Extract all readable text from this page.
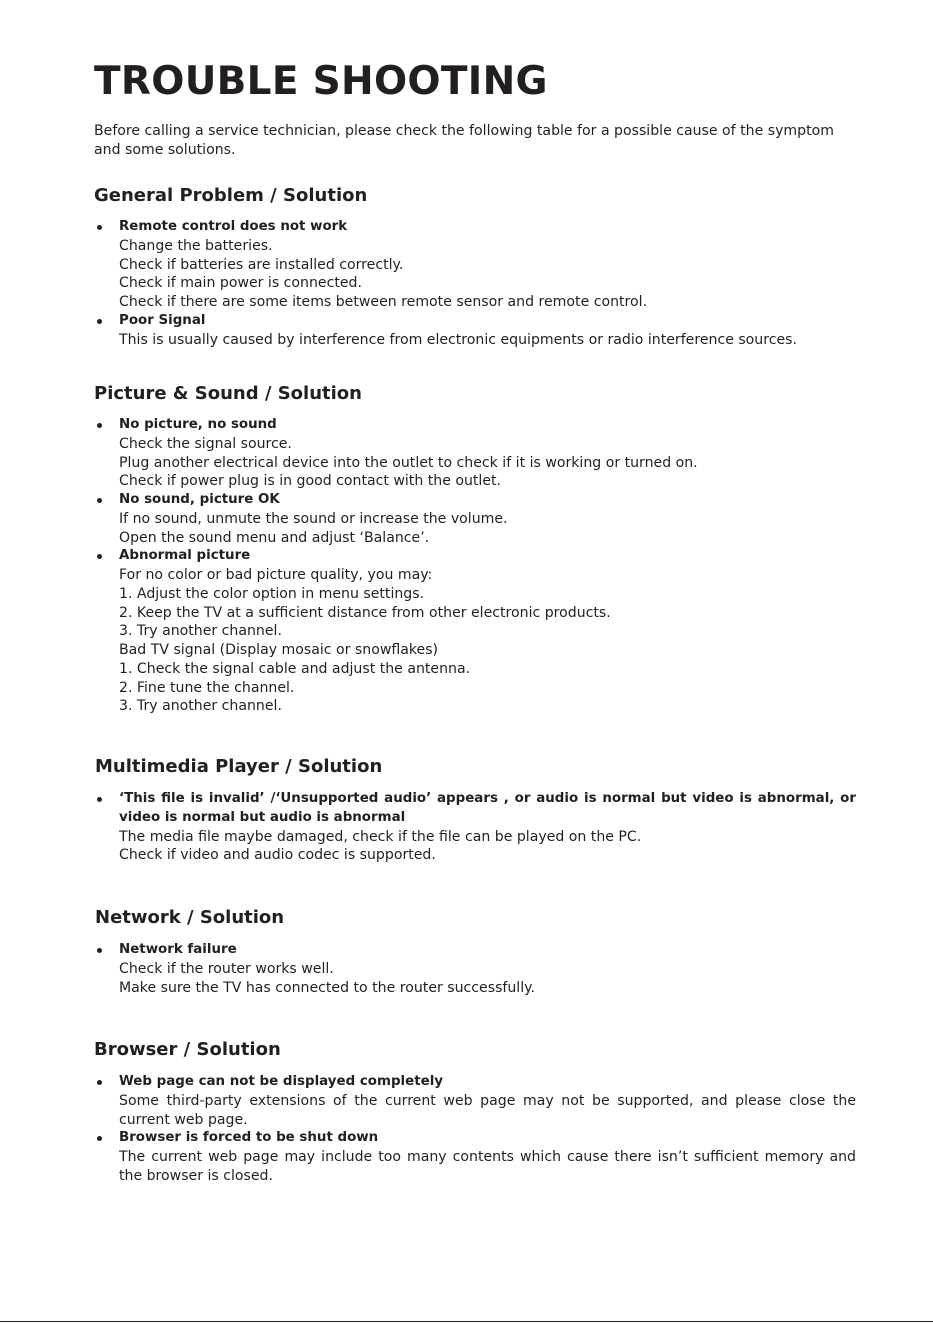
TROUBLE SHOOTING

Before calling a service technician, please check the following table for a possible cause of the symptom and some solutions.

General Problem / Solution
Remote control does not work
Change the batteries.
Check if batteries are installed correctly.
Check if main power is connected.
Check if there are some items between remote sensor and remote control.
Poor Signal
This is usually caused by interference from electronic equipments or radio interference sources.
Picture & Sound / Solution
No picture, no sound
Check the signal source.
Plug another electrical device into the outlet to check if it is working or turned on.
Check if power plug is in good contact with the outlet.
No sound, picture OK
If no sound, unmute the sound or increase the volume.
Open the sound menu and adjust ‘Balance’.
Abnormal picture
For no color or bad picture quality, you may:
1. Adjust the color option in menu settings.
2. Keep the TV at a sufficient distance from other electronic products.
3. Try another channel.
Bad TV signal (Display mosaic or snowflakes)
1. Check the signal cable and adjust the antenna.
2. Fine tune the channel.
3. Try another channel.
Multimedia Player / Solution
‘This file is invalid’ /‘Unsupported audio’ appears , or audio is normal but video is abnormal, or video is normal but audio is abnormal
The media file maybe damaged, check if the file can be played on the PC.
Check if video and audio codec is supported.
Network / Solution
Network failure
Check if the router works well.
Make sure the TV has connected to the router successfully.
Browser / Solution
Web page can not be displayed completely
Some third-party extensions of the current web page may not be supported, and please close the current web page.
Browser is forced to be shut down
The current web page may include too many contents which cause there isn’t sufficient memory and the browser is closed.
